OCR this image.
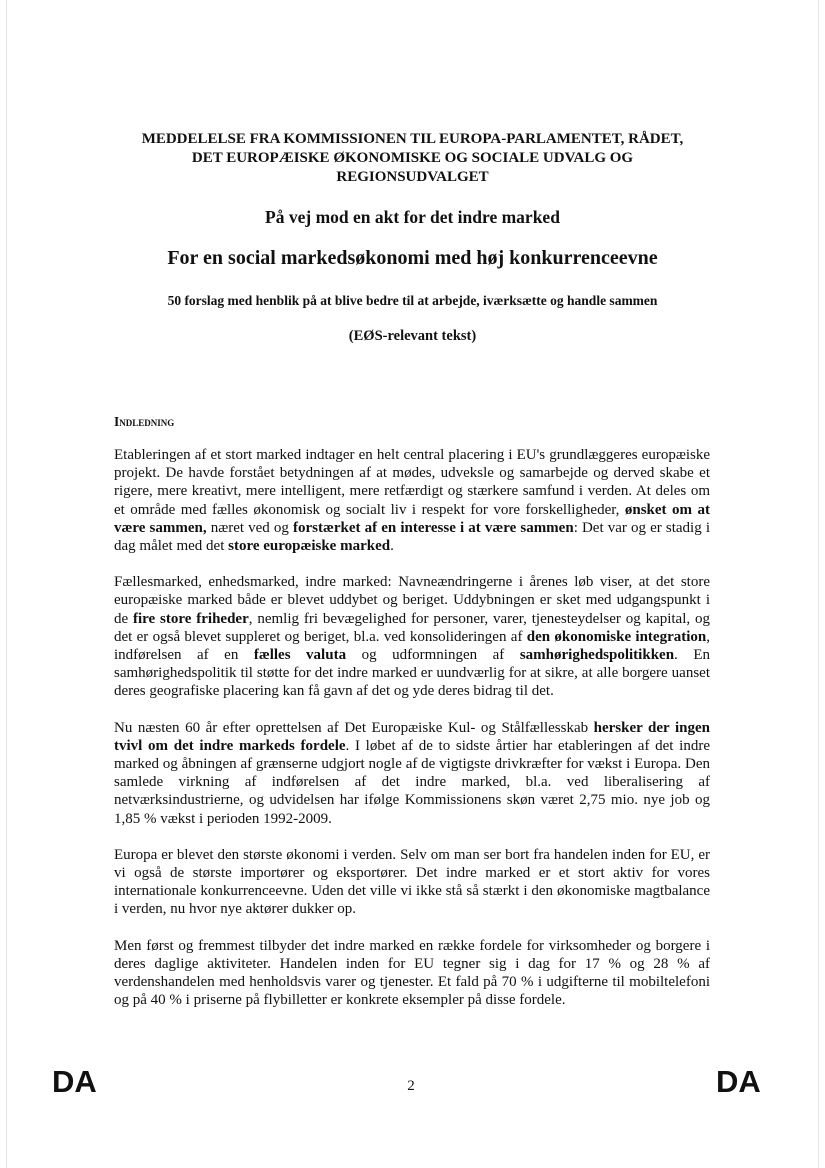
MEDDELELSE FRA KOMMISSIONEN TIL EUROPA-PARLAMENTET, RÅDET,
DET EUROPÆISKE ØKONOMISKE OG SOCIALE UDVALG OG
REGIONSUDVALGET
På vej mod en akt for det indre marked
For en social markedsøkonomi med høj konkurrenceevne
50 forslag med henblik på at blive bedre til at arbejde, iværksætte og handle sammen
(EØS-relevant tekst)
Indledning

Etableringen af et stort marked indtager en helt central placering i EU's grundlæggeres europæiske projekt. De havde forstået betydningen af at mødes, udveksle og samarbejde og derved skabe et rigere, mere kreativt, mere intelligent, mere retfærdigt og stærkere samfund i verden. At deles om et område med fælles økonomisk og socialt liv i respekt for vore forskelligheder, ønsket om at være sammen, næret ved og forstærket af en interesse i at være sammen: Det var og er stadig i dag målet med det store europæiske marked.

Fællesmarked, enhedsmarked, indre marked: Navneændringerne i årenes løb viser, at det store europæiske marked både er blevet uddybet og beriget. Uddybningen er sket med udgangspunkt i de fire store friheder, nemlig fri bevægelighed for personer, varer, tjenesteydelser og kapital, og det er også blevet suppleret og beriget, bl.a. ved konsolideringen af den økonomiske integration, indførelsen af en fælles valuta og udformningen af samhørighedspolitikken. En samhørighedspolitik til støtte for det indre marked er uundværlig for at sikre, at alle borgere uanset deres geografiske placering kan få gavn af det og yde deres bidrag til det.

Nu næsten 60 år efter oprettelsen af Det Europæiske Kul- og Stålfællesskab hersker der ingen tvivl om det indre markeds fordele. I løbet af de to sidste årtier har etableringen af det indre marked og åbningen af grænserne udgjort nogle af de vigtigste drivkræfter for vækst i Europa. Den samlede virkning af indførelsen af det indre marked, bl.a. ved liberalisering af netværksindustrierne, og udvidelsen har ifølge Kommissionens skøn været 2,75 mio. nye job og 1,85 % vækst i perioden 1992-2009.

Europa er blevet den største økonomi i verden. Selv om man ser bort fra handelen inden for EU, er vi også de største importører og eksportører. Det indre marked er et stort aktiv for vores internationale konkurrenceevne. Uden det ville vi ikke stå så stærkt i den økonomiske magtbalance i verden, nu hvor nye aktører dukker op.

Men først og fremmest tilbyder det indre marked en række fordele for virksomheder og borgere i deres daglige aktiviteter. Handelen inden for EU tegner sig i dag for 17 % og 28 % af verdenshandelen med henholdsvis varer og tjenester. Et fald på 70 % i udgifterne til mobiltelefoni og på 40 % i priserne på flybilletter er konkrete eksempler på disse fordele.

DA	2	DA
